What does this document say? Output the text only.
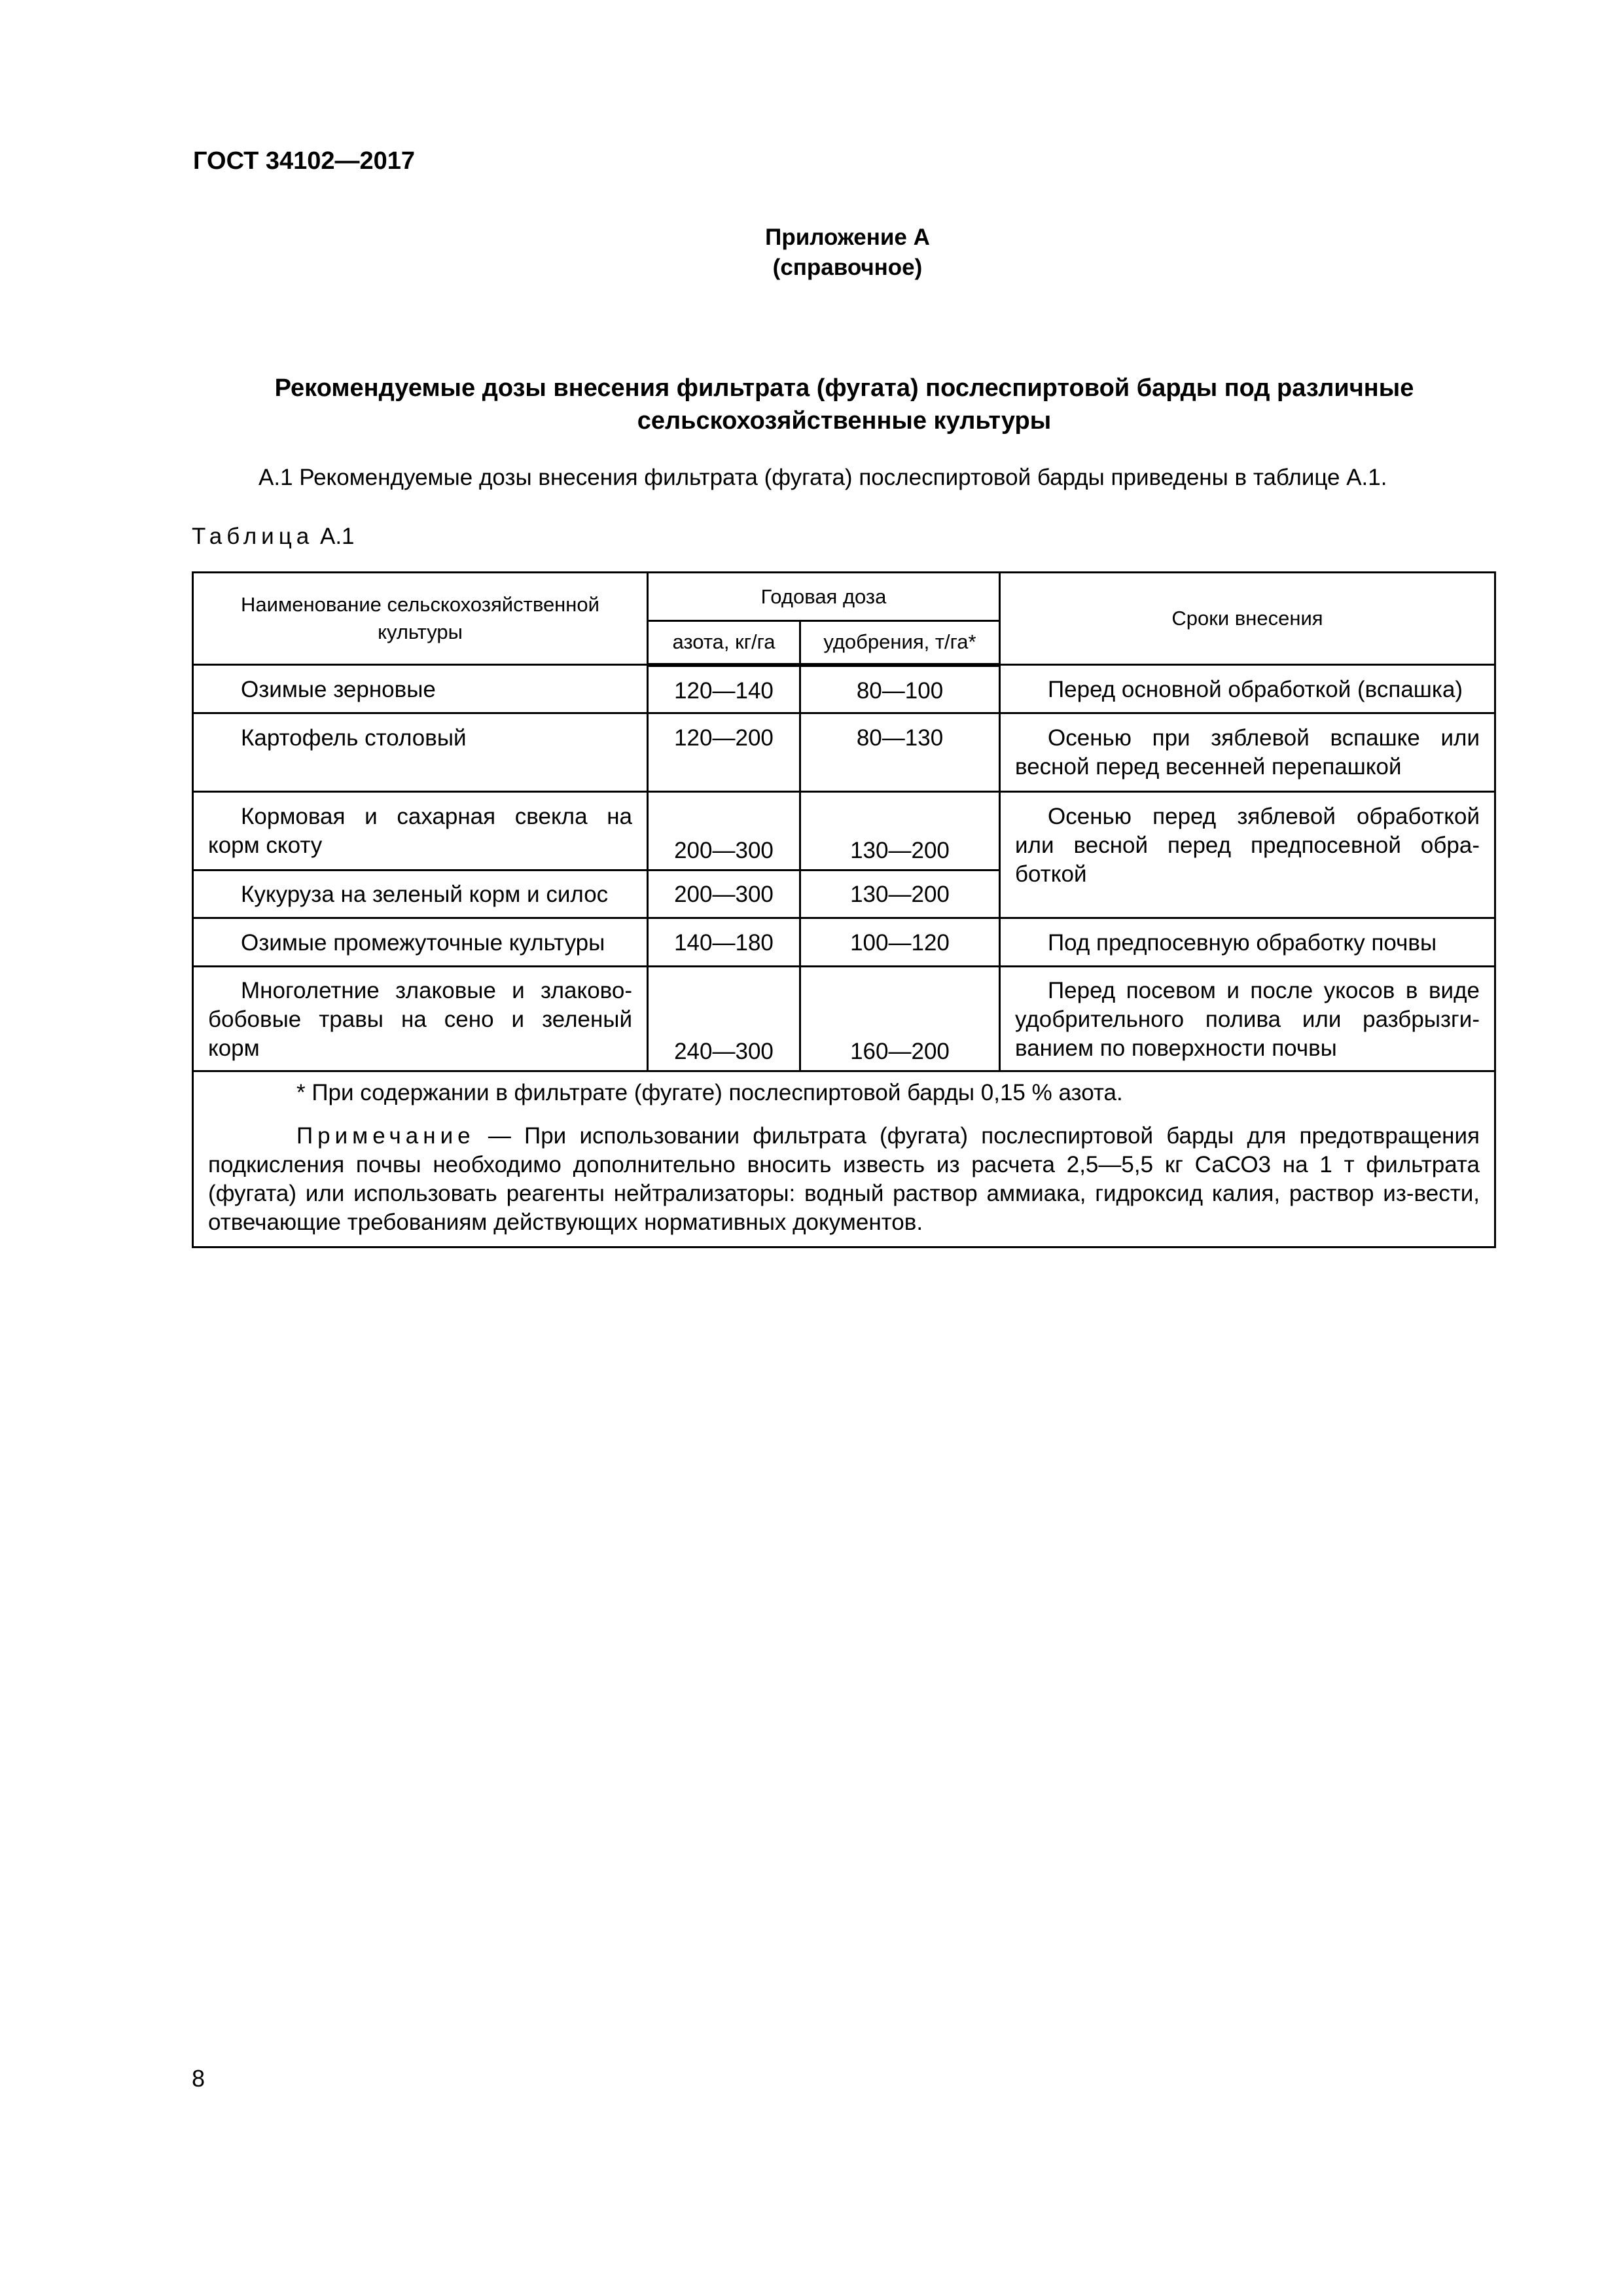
ГОСТ 34102—2017
Приложение А
(справочное)
Рекомендуемые дозы внесения фильтрата (фугата) послеспиртовой барды под различные
сельскохозяйственные культуры
А.1 Рекомендуемые дозы внесения фильтрата (фугата) послеспиртовой барды приведены в таблице А.1.
Таблица А.1
Наименование сельскохозяйственной культуры	Годовая доза		Сроки внесения
	азота, кг/га	удобрения, т/га*	
Озимые зерновые	120—140	80—100	Перед основной обработкой (вспашка)
Картофель столовый	120—200	80—130	Осенью при зяблевой вспашке или весной перед весенней перепашкой
Кормовая и сахарная свекла на корм скоту	200—300	130—200	Осенью перед зяблевой обработкой или весной перед предпосевной обра-боткой
Кукуруза на зеленый корм и силос	200—300	130—200	
Озимые промежуточные культуры	140—180	100—120	Под предпосевную обработку почвы
Многолетние злаковые и злаково-бобовые травы на сено и зеленый корм	240—300	160—200	Перед посевом и после укосов в виде удобрительного полива или разбрызги-ванием по поверхности почвы

* При содержании в фильтрате (фугате) послеспиртовой барды 0,15 % азота.
Примечание — При использовании фильтрата (фугата) послеспиртовой барды для предотвращения подкисления почвы необходимо дополнительно вносить известь из расчета 2,5—5,5 кг СаСО3 на 1 т фильтрата (фугата) или использовать реагенты нейтрализаторы: водный раствор аммиака, гидроксид калия, раствор из-вести, отвечающие требованиям действующих нормативных документов.			
8
